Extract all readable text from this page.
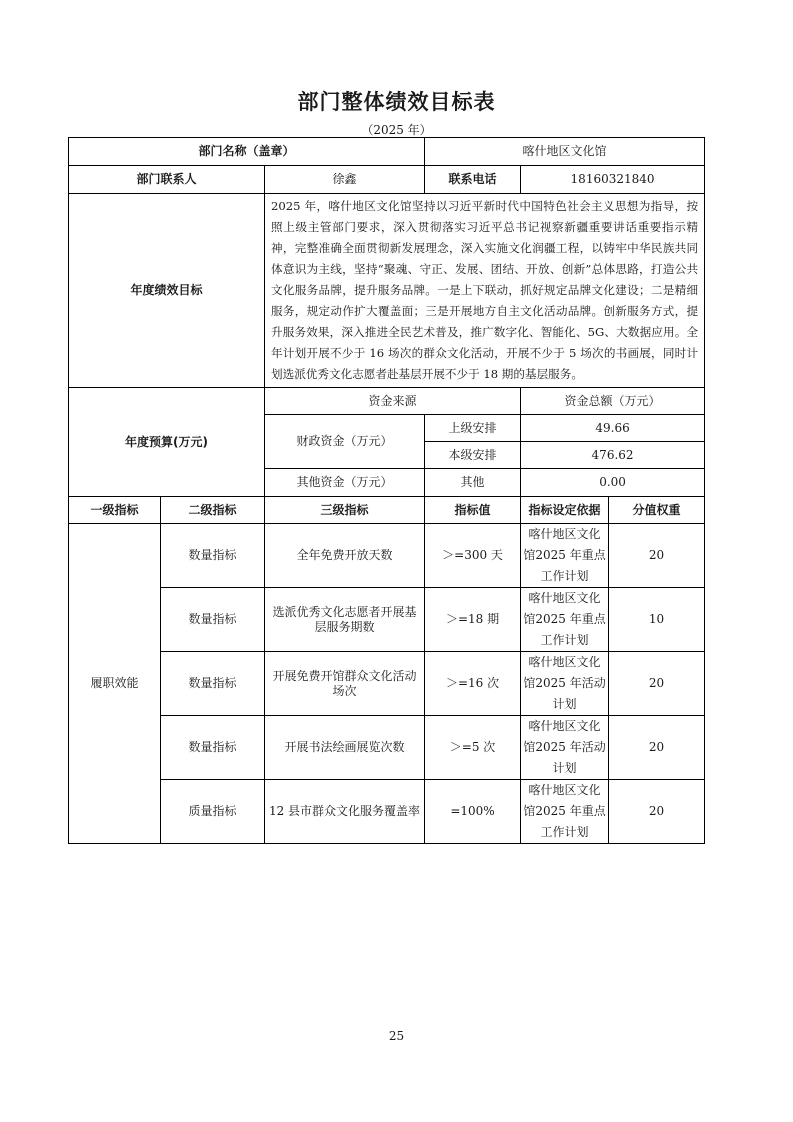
部门整体绩效目标表
（2025 年）
部门名称（盖章）			喀什地区文化馆		
部门联系人		徐鑫	联系电话	18160321840	
年度绩效目标		2025 年，喀什地区文化馆坚持以习近平新时代中国特色社会主义思想为指导，按照上级主管部门要求，深入贯彻落实习近平总书记视察新疆重要讲话重要指示精神，完整准确全面贯彻新发展理念，深入实施文化润疆工程，以铸牢中华民族共同体意识为主线，坚持“聚魂、守正、发展、团结、开放、创新”总体思路，打造公共文化服务品牌，提升服务品牌。一是上下联动，抓好规定品牌文化建设；二是精细服务，规定动作扩大覆盖面；三是开展地方自主文化活动品牌。创新服务方式，提升服务效果，深入推进全民艺术普及，推广数字化、智能化、5G、大数据应用。全年计划开展不少于 16 场次的群众文化活动，开展不少于 5 场次的书画展，同时计划选派优秀文化志愿者赴基层开展不少于 18 期的基层服务。			
年度预算(万元)		资金来源		资金总额（万元）	
		财政资金（万元）	上级安排	49.66	
			本级安排	476.62	
		其他资金（万元）	其他	0.00	
一级指标	二级指标	三级指标	指标值	指标设定依据	分值权重
履职效能	数量指标	全年免费开放天数	＞=300 天	喀什地区文化馆2025 年重点工作计划	20
	数量指标	选派优秀文化志愿者开展基层服务期数	＞=18 期	喀什地区文化馆2025 年重点工作计划	10
	数量指标	开展免费开馆群众文化活动场次	＞=16 次	喀什地区文化馆2025 年活动计划	20
	数量指标	开展书法绘画展览次数	＞=5 次	喀什地区文化馆2025 年活动计划	20
	质量指标	12 县市群众文化服务覆盖率	=100%	喀什地区文化馆2025 年重点工作计划	20
25
